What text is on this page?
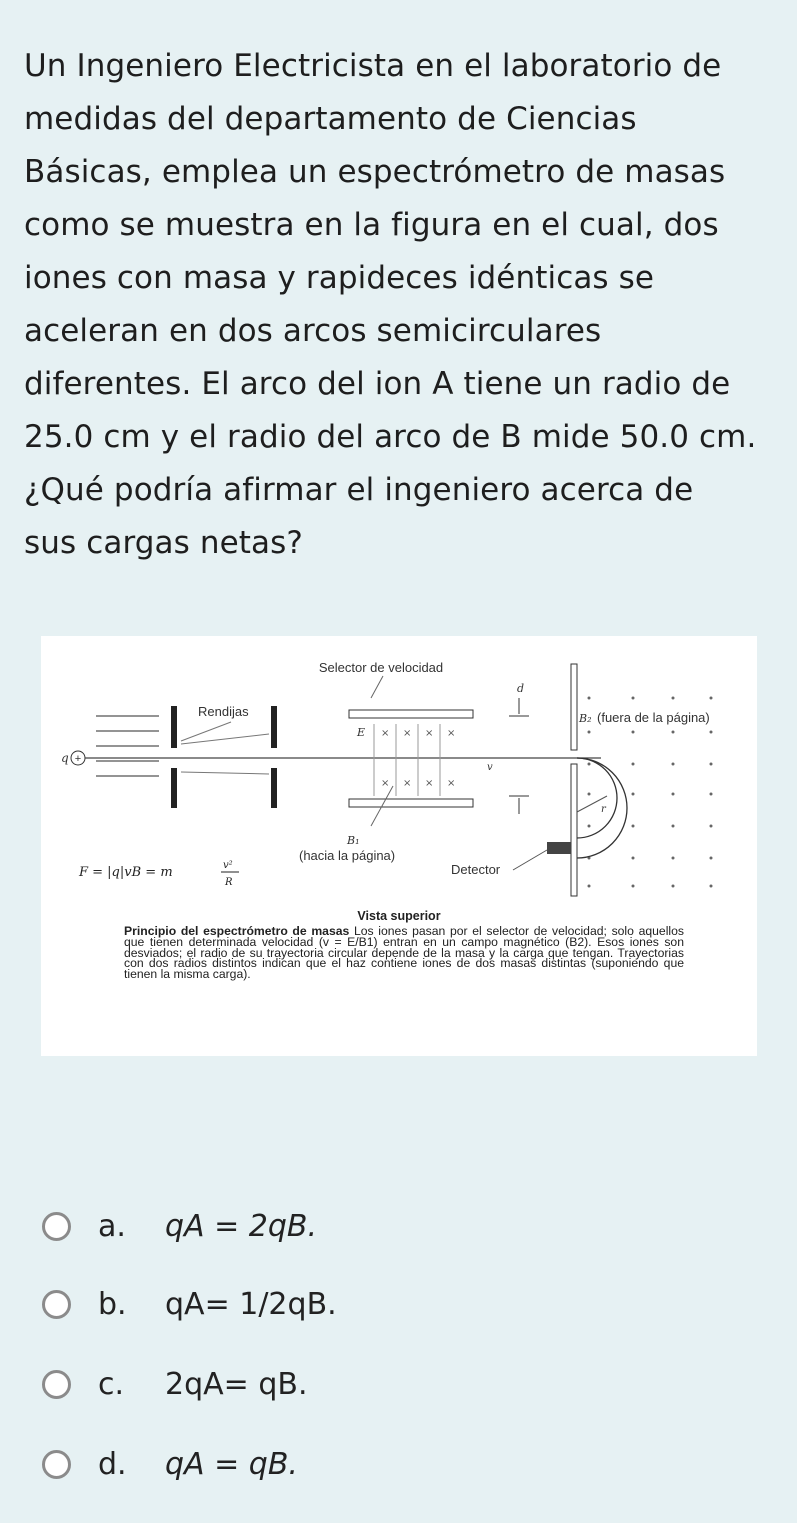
Un Ingeniero Electricista en el laboratorio de
medidas del departamento de Ciencias
Básicas, emplea un espectrómetro de masas
como se muestra en la figura en el cual, dos
iones con masa y rapideces idénticas se
aceleran en dos arcos semicirculares
diferentes. El arco del ion A tiene un radio de
25.0 cm y el radio del arco de B mide 50.0 cm.
¿Qué podría afirmar el ingeniero acerca de
sus cargas netas?

Selector de velocidad
q +
Rendijas
E × × × ×
× × × ×
d
v
B₂ (fuera de la página)
r
B₁
(hacia la página)
Detector
F = |q|vB = m	v²
R
Vista superior
Principio del espectrómetro de masas Los iones pasan por el selector de velocidad; solo aquellos que tienen determinada velocidad (v = E/B1) entran en un campo magnético (B2). Esos iones son desviados; el radio de su trayectoria circular depende de la masa y la carga que tengan. Trayectorias con dos radios distintos indican que el haz contiene iones de dos masas distintas (suponiendo que tienen la misma carga).
a. qA = 2qB.
b. qA= 1/2qB.
c. 2qA= qB.
d. qA = qB.
